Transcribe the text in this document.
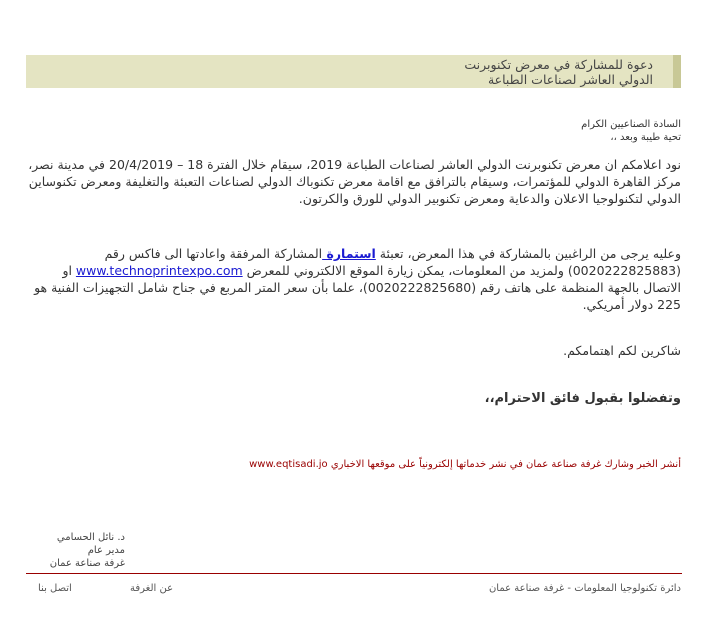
دعوة للمشاركة في معرض تكنوبرنت
الدولي العاشر لصناعات الطباعة
السادة الصناعيين الكرام
تحية طيبة وبعد ،،

نود اعلامكم ان معرض تكنوبرنت الدولي العاشر لصناعات الطباعة 2019، سيقام خلال الفترة 18 – 20/4/2019 في مدينة نصر، مركز القاهرة الدولي للمؤتمرات، وسيقام بالترافق مع اقامة معرض تكنوباك الدولي لصناعات التعبئة والتغليفة ومعرض تكنوساين الدولي لتكنولوجيا الاعلان والدعاية ومعرض تكنوبير الدولي للورق والكرتون.

وعليه يرجى من الراغبين بالمشاركة في هذا المعرض، تعبئة استمارة المشاركة المرفقة واعادتها الى فاكس رقم (0020222825883) ولمزيد من المعلومات، يمكن زيارة الموقع الالكتروني للمعرض www.technoprintexpo.com او الاتصال بالجهة المنظمة على هاتف رقم (0020222825680)، علما بأن سعر المتر المربع في جناح شامل التجهيزات الفنية هو 225 دولار أمريكي.

شاكرين لكم اهتمامكم.

وتفضلوا بقبول فائق الاحترام،،

أنشر الخبر وشارك غرفة صناعة عمان في نشر خدماتها إلكترونياً على موقعها الاخباري www.eqtisadi.jo
د. نائل الحسامي
مدير عام
غرفة صناعة عمان
دائرة تكنولوجيا المعلومات - غرفة صناعة عمان
عن الغرفة
اتصل بنا
